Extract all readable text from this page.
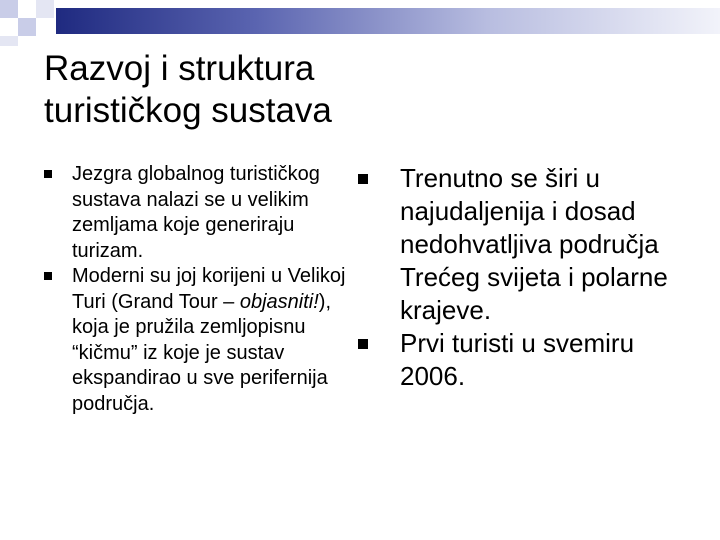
Razvoj i struktura
turističkog sustava
Jezgra globalnog turističkog sustava nalazi se u velikim zemljama koje generiraju turizam.
Moderni su joj korijeni u Velikoj Turi (Grand Tour – objasniti!), koja je pružila zemljopisnu “kičmu” iz koje je sustav ekspandirao u sve perifernija područja.
Trenutno se širi u najudaljenija i dosad nedohvatljiva područja Trećeg svijeta i polarne krajeve.
Prvi turisti u svemiru 2006.
